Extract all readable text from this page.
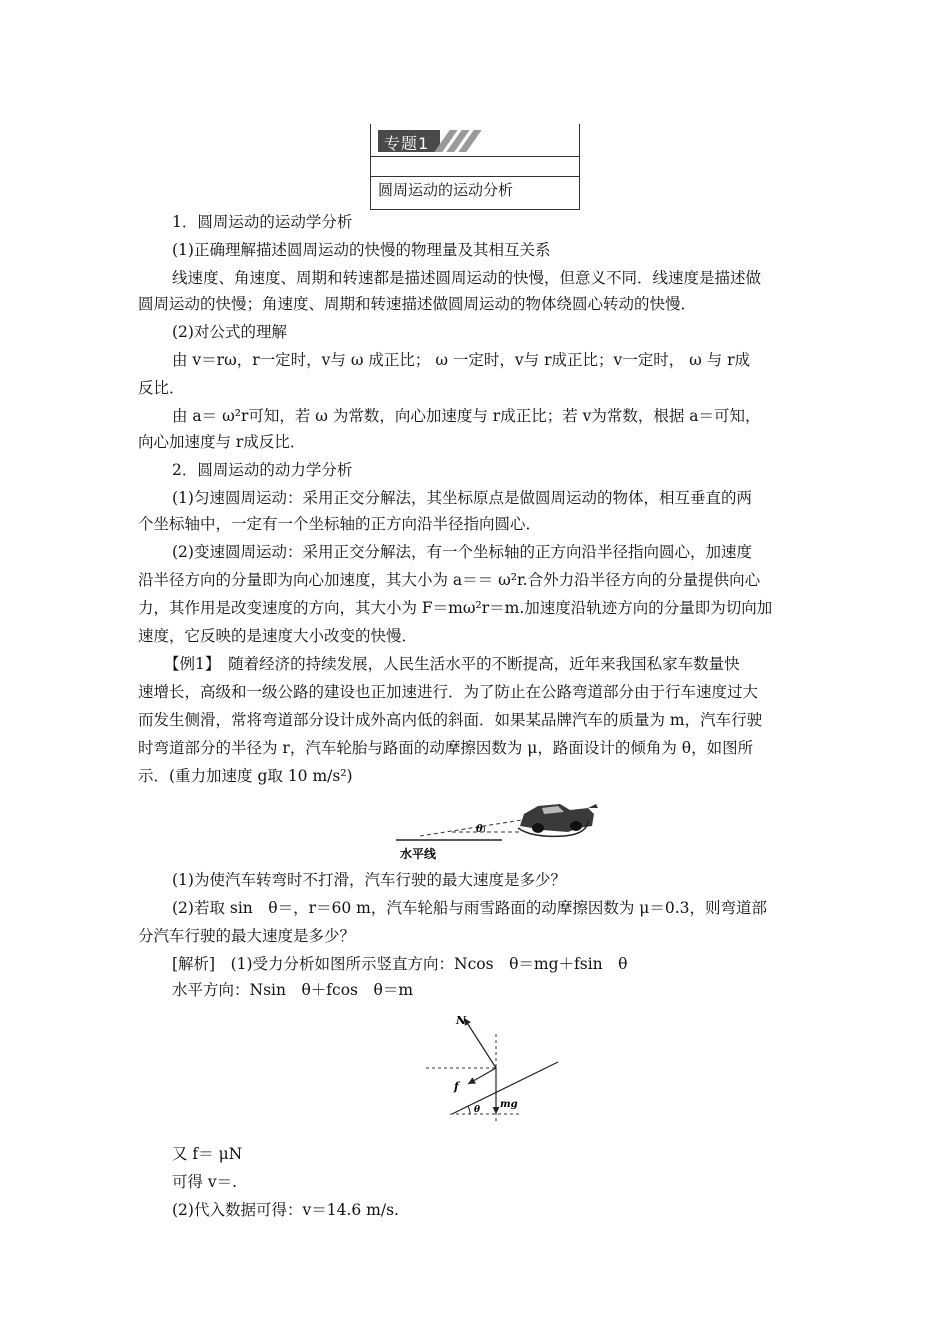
专题1
圆周运动的运动分析
1．圆周运动的运动学分析
(1)正确理解描述圆周运动的快慢的物理量及其相互关系
线速度、角速度、周期和转速都是描述圆周运动的快慢，但意义不同．线速度是描述做
圆周运动的快慢；角速度、周期和转速描述做圆周运动的物体绕圆心转动的快慢．
(2)对公式的理解
由 v＝rω，r一定时，v与 ω 成正比； ω 一定时，v与 r成正比；v一定时， ω 与 r成
反比．
由 a＝ ω²r可知，若 ω 为常数，向心加速度与 r成正比；若 v为常数，根据 a＝可知，
向心加速度与 r成反比．
2．圆周运动的动力学分析
(1)匀速圆周运动：采用正交分解法，其坐标原点是做圆周运动的物体，相互垂直的两
个坐标轴中，一定有一个坐标轴的正方向沿半径指向圆心．
(2)变速圆周运动：采用正交分解法，有一个坐标轴的正方向沿半径指向圆心，加速度
沿半径方向的分量即为向心加速度，其大小为 a＝＝ ω²r.合外力沿半径方向的分量提供向心
力，其作用是改变速度的方向，其大小为 F＝mω²r＝m.加速度沿轨迹方向的分量即为切向加
速度，它反映的是速度大小改变的快慢．
【例1】　随着经济的持续发展，人民生活水平的不断提高，近年来我国私家车数量快
速增长，高级和一级公路的建设也正加速进行．为了防止在公路弯道部分由于行车速度过大
而发生侧滑，常将弯道部分设计成外高内低的斜面．如果某品牌汽车的质量为 m，汽车行驶
时弯道部分的半径为 r，汽车轮胎与路面的动摩擦因数为 μ，路面设计的倾角为 θ，如图所
示．(重力加速度 g取 10 m/s²)
θ
水平线
(1)为使汽车转弯时不打滑，汽车行驶的最大速度是多少？
(2)若取 sin　θ＝，r＝60 m，汽车轮船与雨雪路面的动摩擦因数为 μ＝0.3，则弯道部
分汽车行驶的最大速度是多少？
[解析]　(1)受力分析如图所示竖直方向：Ncos　θ＝mg＋fsin　θ
水平方向：Nsin　θ＋fcos　θ＝m
N
f
mg
θ
又 f＝ μN
可得 v＝.
(2)代入数据可得：v＝14.6 m/s.
